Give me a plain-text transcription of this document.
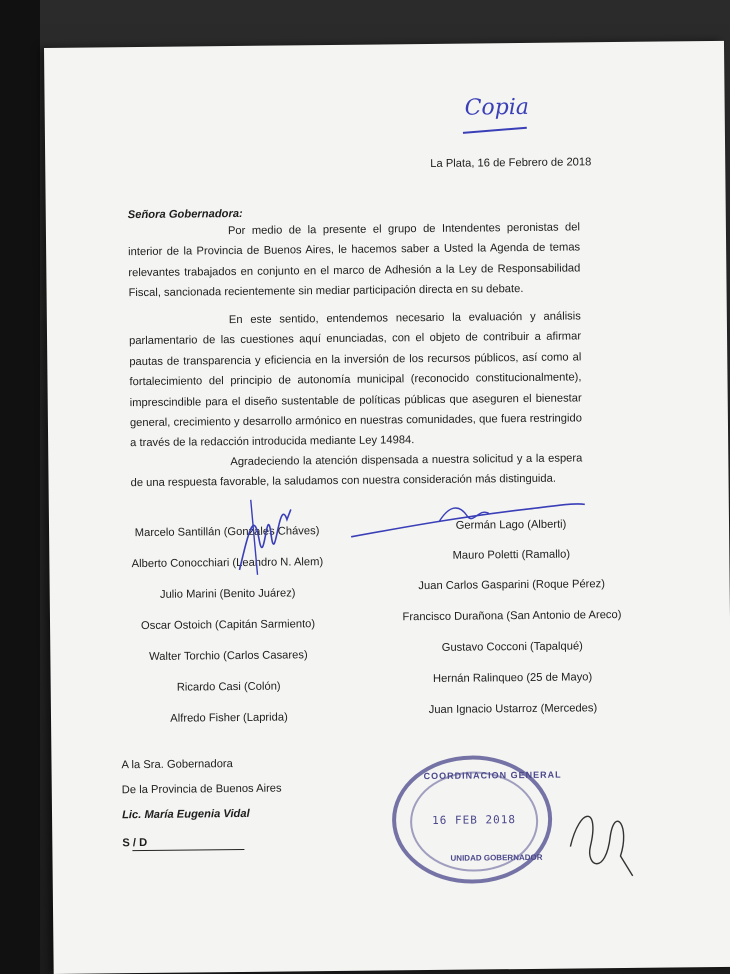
Copia
La Plata, 16 de Febrero de 2018
Señora Gobernadora:
Por medio de la presente el grupo de Intendentes peronistas del interior de la Provincia de Buenos Aires, le hacemos saber a Usted la Agenda de temas relevantes trabajados en conjunto en el marco de Adhesión a la Ley de Responsabilidad Fiscal, sancionada recientemente sin mediar participación directa en su debate.
En este sentido, entendemos necesario la evaluación y análisis parlamentario de las cuestiones aquí enunciadas, con el objeto de contribuir a afirmar pautas de transparencia y eficiencia en la inversión de los recursos públicos, así como al fortalecimiento del principio de autonomía municipal (reconocido constitucionalmente), imprescindible para el diseño sustentable de políticas públicas que aseguren el bienestar general, crecimiento y desarrollo armónico en nuestras comunidades, que fuera restringido a través de la redacción introducida mediante Ley 14984.
Agradeciendo la atención dispensada a nuestra solicitud y a la espera de una respuesta favorable, la saludamos con nuestra consideración más distinguida.
Marcelo Santillán (Gonzales Cháves)
Alberto Conocchiari (Leandro N. Alem)
Julio Marini (Benito Juárez)
Oscar Ostoich (Capitán Sarmiento)
Walter Torchio (Carlos Casares)
Ricardo Casi (Colón)
Alfredo Fisher (Laprida)
Germán Lago (Alberti)
Mauro Poletti (Ramallo)
Juan Carlos Gasparini (Roque Pérez)
Francisco Durañona (San Antonio de Areco)
Gustavo Cocconi (Tapalqué)
Hernán Ralinqueo (25 de Mayo)
Juan Ignacio Ustarroz (Mercedes)
A la Sra. Gobernadora
De la Provincia de Buenos Aires
Lic. María Eugenia Vidal
S / D
COORDINACION GENERAL
16 FEB 2018
UNIDAD GOBERNADOR
